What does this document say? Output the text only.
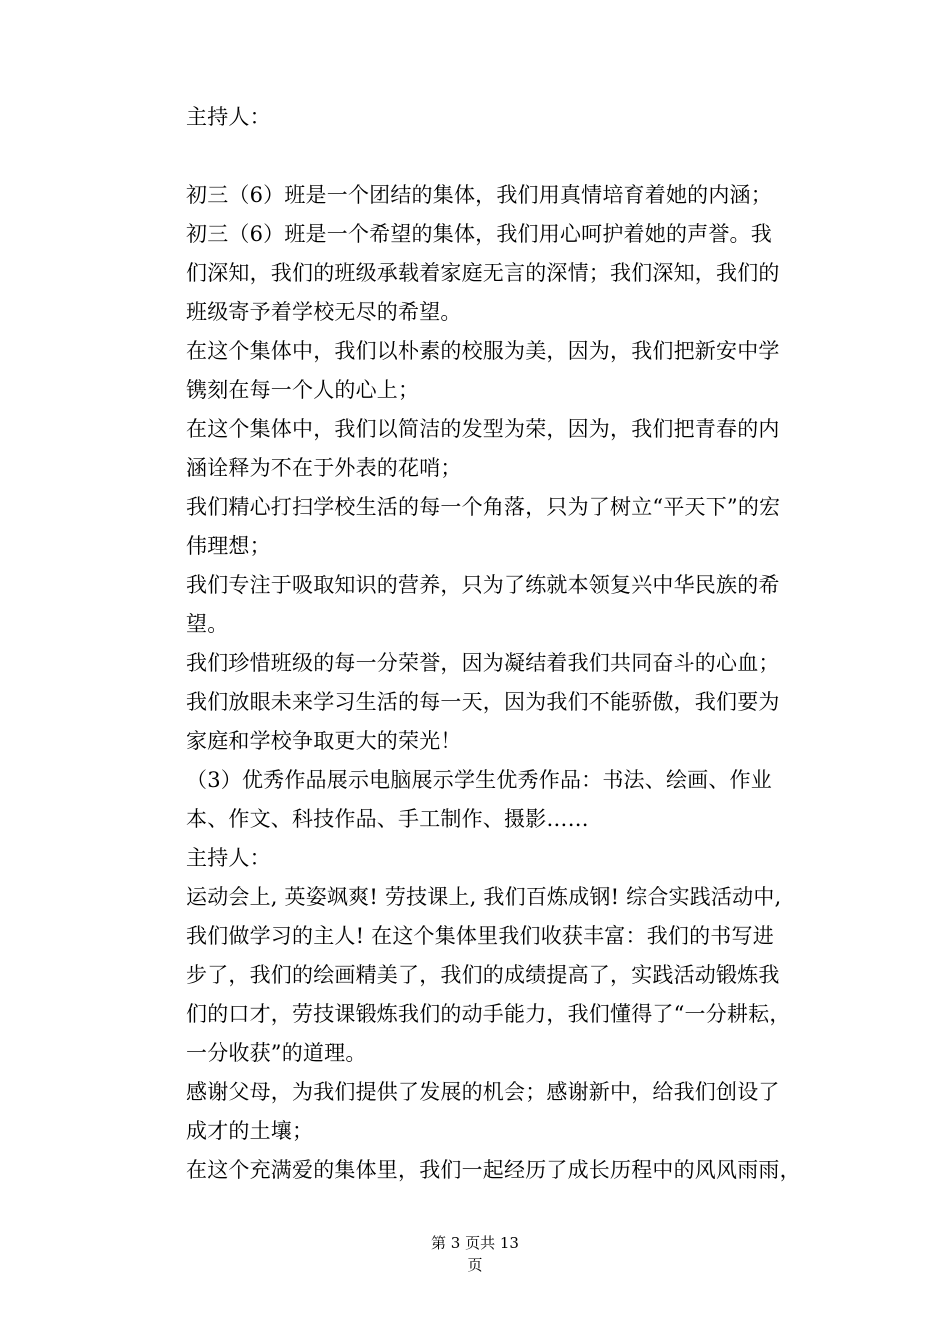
主持人：
初三（6）班是一个团结的集体，我们用真情培育着她的内涵；
初三（6）班是一个希望的集体，我们用心呵护着她的声誉。我
们深知，我们的班级承载着家庭无言的深情；我们深知，我们的
班级寄予着学校无尽的希望。
在这个集体中，我们以朴素的校服为美，因为，我们把新安中学
镌刻在每一个人的心上；
在这个集体中，我们以简洁的发型为荣，因为，我们把青春的内
涵诠释为不在于外表的花哨；
我们精心打扫学校生活的每一个角落，只为了树立“平天下”的宏
伟理想；
我们专注于吸取知识的营养，只为了练就本领复兴中华民族的希
望。
我们珍惜班级的每一分荣誉，因为凝结着我们共同奋斗的心血；
我们放眼未来学习生活的每一天，因为我们不能骄傲，我们要为
家庭和学校争取更大的荣光！
（3）优秀作品展示电脑展示学生优秀作品：书法、绘画、作业
本、作文、科技作品、手工制作、摄影……
主持人：
运动会上, 英姿飒爽! 劳技课上, 我们百炼成钢! 综合实践活动中,
我们做学习的主人! 在这个集体里我们收获丰富：我们的书写进
步了，我们的绘画精美了，我们的成绩提高了，实践活动锻炼我
们的口才，劳技课锻炼我们的动手能力，我们懂得了“一分耕耘，
一分收获”的道理。
感谢父母，为我们提供了发展的机会；感谢新中，给我们创设了
成才的土壤；
在这个充满爱的集体里，我们一起经历了成长历程中的风风雨雨，
第 3 页共 13
页
